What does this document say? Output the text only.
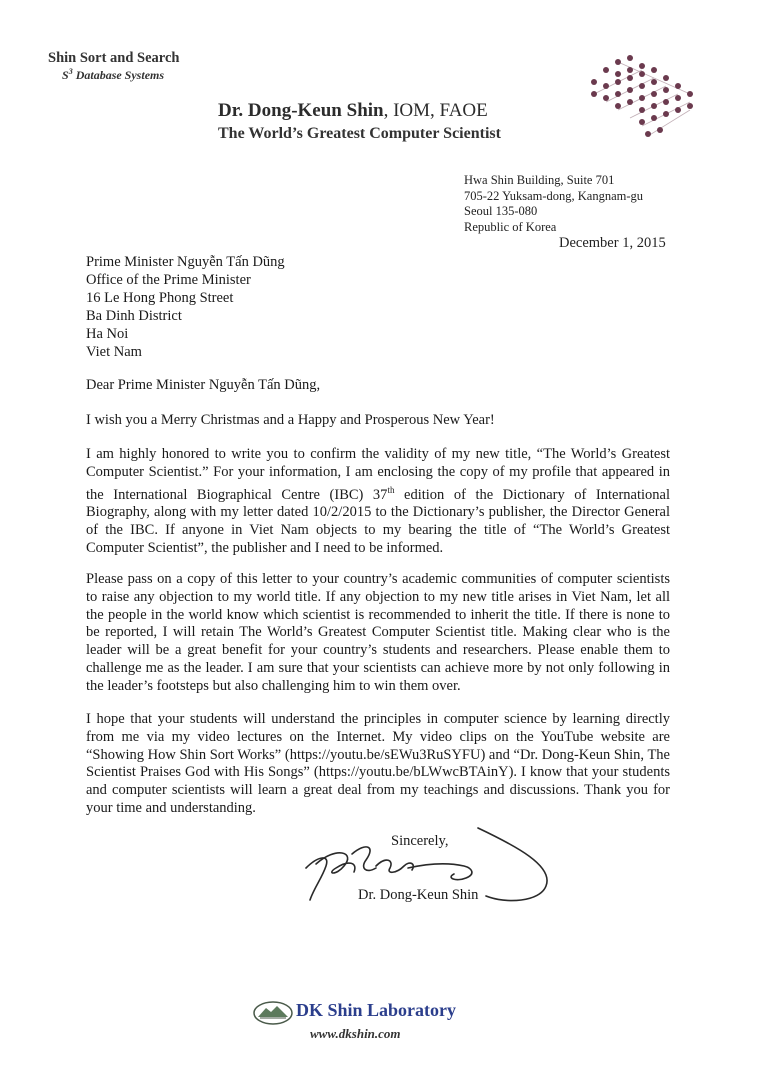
Shin Sort and Search
$S^3$ Database Systems
Dr. Dong-Keun Shin, IOM, FAOE
The World’s Greatest Computer Scientist
Hwa Shin Building, Suite 701
705-22 Yuksam-dong, Kangnam-gu
Seoul 135-080
Republic of Korea
December 1, 2015
Prime Minister Nguyễn Tấn Dũng
Office of the Prime Minister
16 Le Hong Phong Street
Ba Dinh District
Ha Noi
Viet Nam
Dear Prime Minister Nguyễn Tấn Dũng,
I wish you a Merry Christmas and a Happy and Prosperous New Year!
I am highly honored to write you to confirm the validity of my new title, “The World’s Greatest Computer Scientist.” For your information, I am enclosing the copy of my profile that appeared in the International Biographical Centre (IBC) 37th edition of the Dictionary of International Biography, along with my letter dated 10/2/2015 to the Dictionary’s publisher, the Director General of the IBC. If anyone in Viet Nam objects to my bearing the title of “The World’s Greatest Computer Scientist”, the publisher and I need to be informed.
Please pass on a copy of this letter to your country’s academic communities of computer scientists to raise any objection to my world title. If any objection to my new title arises in Viet Nam, let all the people in the world know which scientist is recommended to inherit the title. If there is none to be reported, I will retain The World’s Greatest Computer Scientist title. Making clear who is the leader will be a great benefit for your country’s students and researchers. Please enable them to challenge me as the leader. I am sure that your scientists can achieve more by not only following in the leader’s footsteps but also challenging him to win them over.
I hope that your students will understand the principles in computer science by learning directly from me via my video lectures on the Internet. My video clips on the YouTube website are “Showing How Shin Sort Works” (https://youtu.be/sEWu3RuSYFU) and “Dr. Dong-Keun Shin, The Scientist Praises God with His Songs” (https://youtu.be/bLWwcBTAinY). I know that your students and computer scientists will learn a great deal from my teachings and discussions. Thank you for your time and understanding.
Sincerely,
Dr. Dong-Keun Shin
DK Shin Laboratory
www.dkshin.com
